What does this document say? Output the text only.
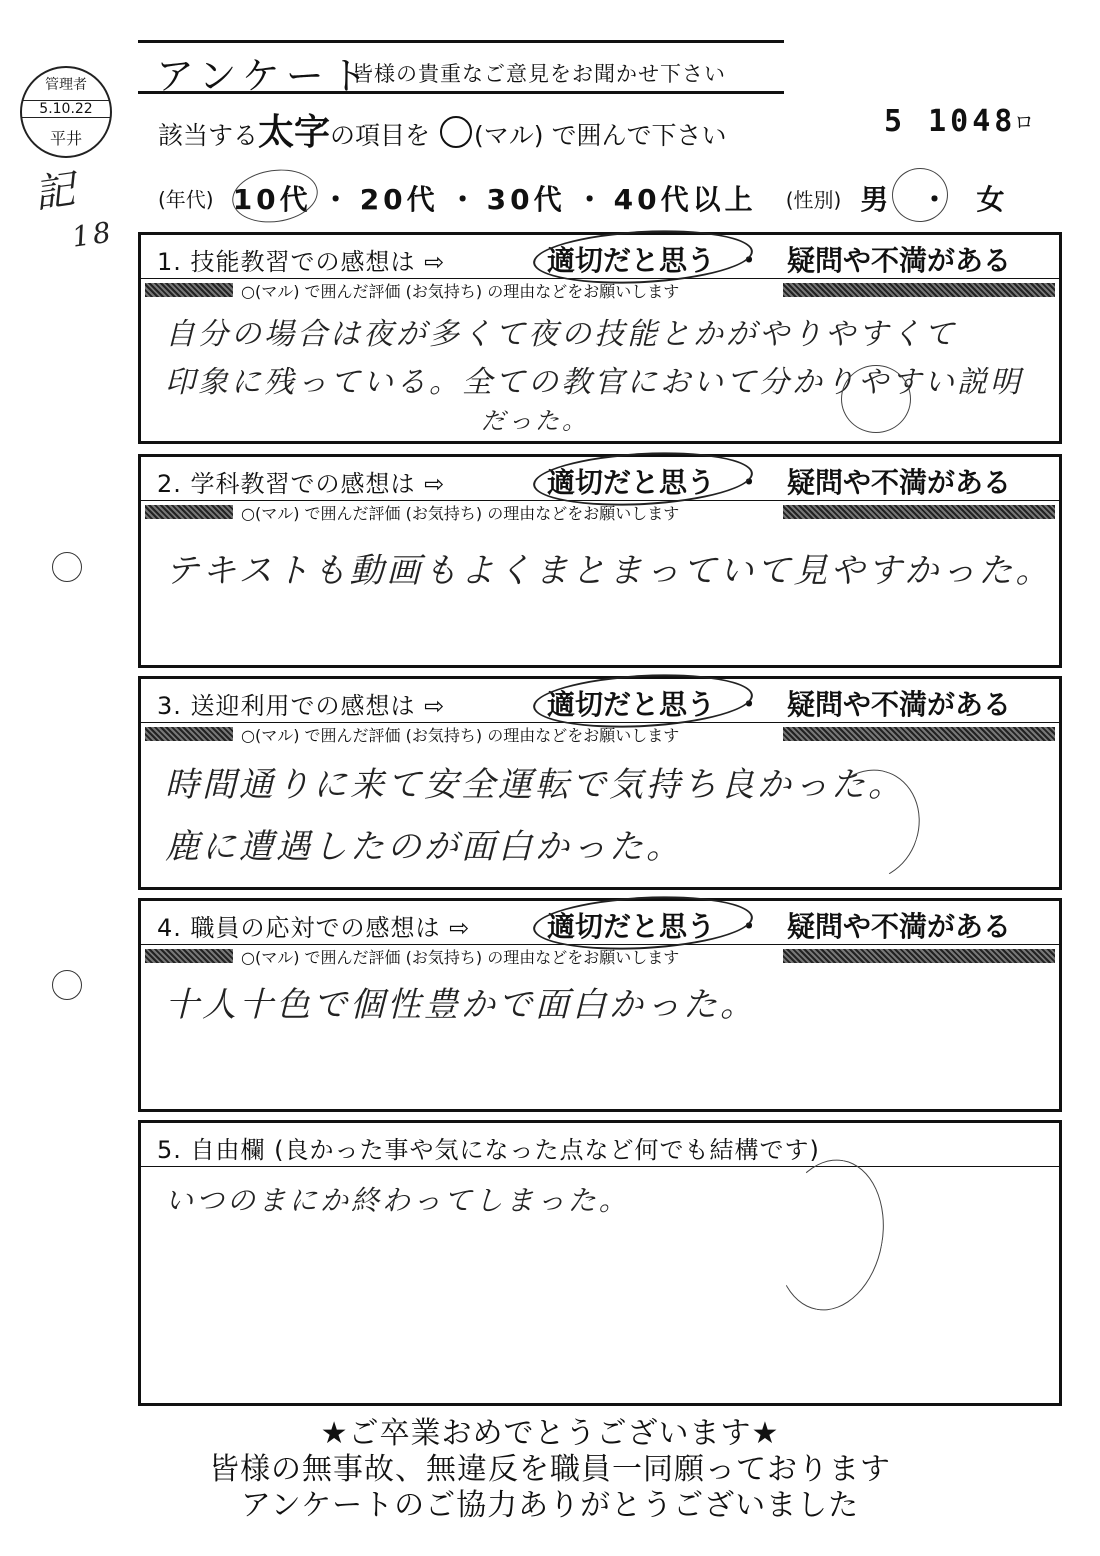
アンケート
皆様の貴重なご意見をお聞かせ下さい
該当する太字の項目を (マル) で囲んで下さい	5 1048
ロ
管理者
5.10.22
平井
記
18
(年代) 10代 ・ 20代 ・ 30代 ・ 40代以上 (性別) 男 ・ 女
1. 技能教習での感想は ⇨	適切だと思う ・ 疑問や不満がある
○(マル) で囲んだ評価 (お気持ち) の理由などをお願いします
自分の場合は夜が多くて夜の技能とかがやりやすくて
印象に残っている。全ての教官において分かりやすい説明
だった。
2. 学科教習での感想は ⇨	適切だと思う ・ 疑問や不満がある
○(マル) で囲んだ評価 (お気持ち) の理由などをお願いします
テキストも動画もよくまとまっていて見やすかった。
3. 送迎利用での感想は ⇨	適切だと思う ・ 疑問や不満がある
○(マル) で囲んだ評価 (お気持ち) の理由などをお願いします
時間通りに来て安全運転で気持ち良かった。
鹿に遭遇したのが面白かった。
4. 職員の応対での感想は ⇨	適切だと思う ・ 疑問や不満がある
○(マル) で囲んだ評価 (お気持ち) の理由などをお願いします
十人十色で個性豊かで面白かった。
5. 自由欄 (良かった事や気になった点など何でも結構です)
いつのまにか終わってしまった。
★ご卒業おめでとうございます★
皆様の無事故、無違反を職員一同願っております
アンケートのご協力ありがとうございました
